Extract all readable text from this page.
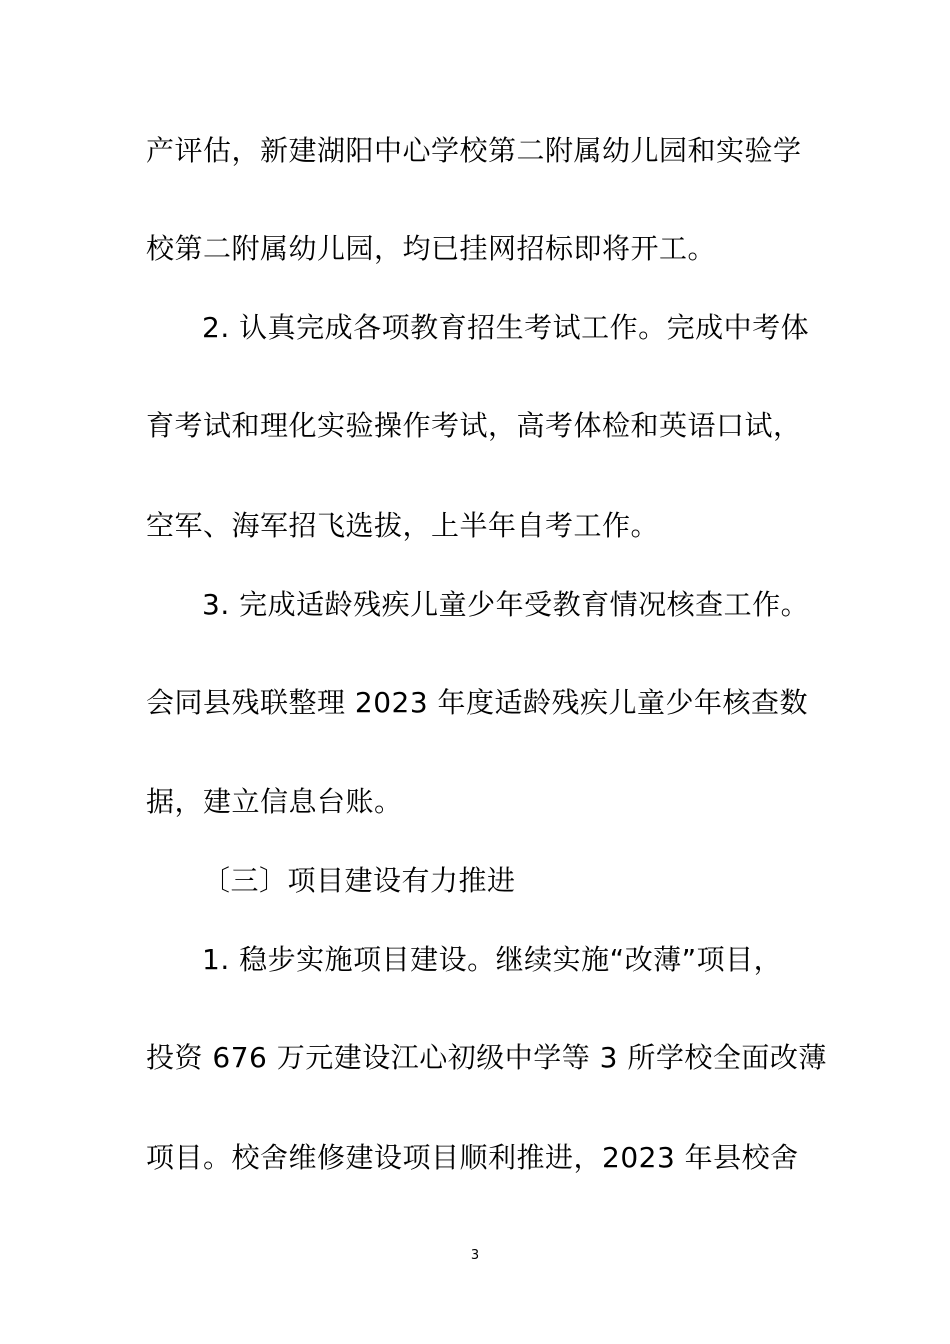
产评估，新建湖阳中心学校第二附属幼儿园和实验学
校第二附属幼儿园，均已挂网招标即将开工。
2. 认真完成各项教育招生考试工作。完成中考体
育考试和理化实验操作考试，高考体检和英语口试，
空军、海军招飞选拔，上半年自考工作。
3. 完成适龄残疾儿童少年受教育情况核查工作。
会同县残联整理 2023 年度适龄残疾儿童少年核查数
据，建立信息台账。
〔三〕项目建设有力推进
1. 稳步实施项目建设。继续实施“改薄”项目，
投资 676 万元建设江心初级中学等 3 所学校全面改薄
项目。校舍维修建设项目顺利推进，2023 年县校舍
3
